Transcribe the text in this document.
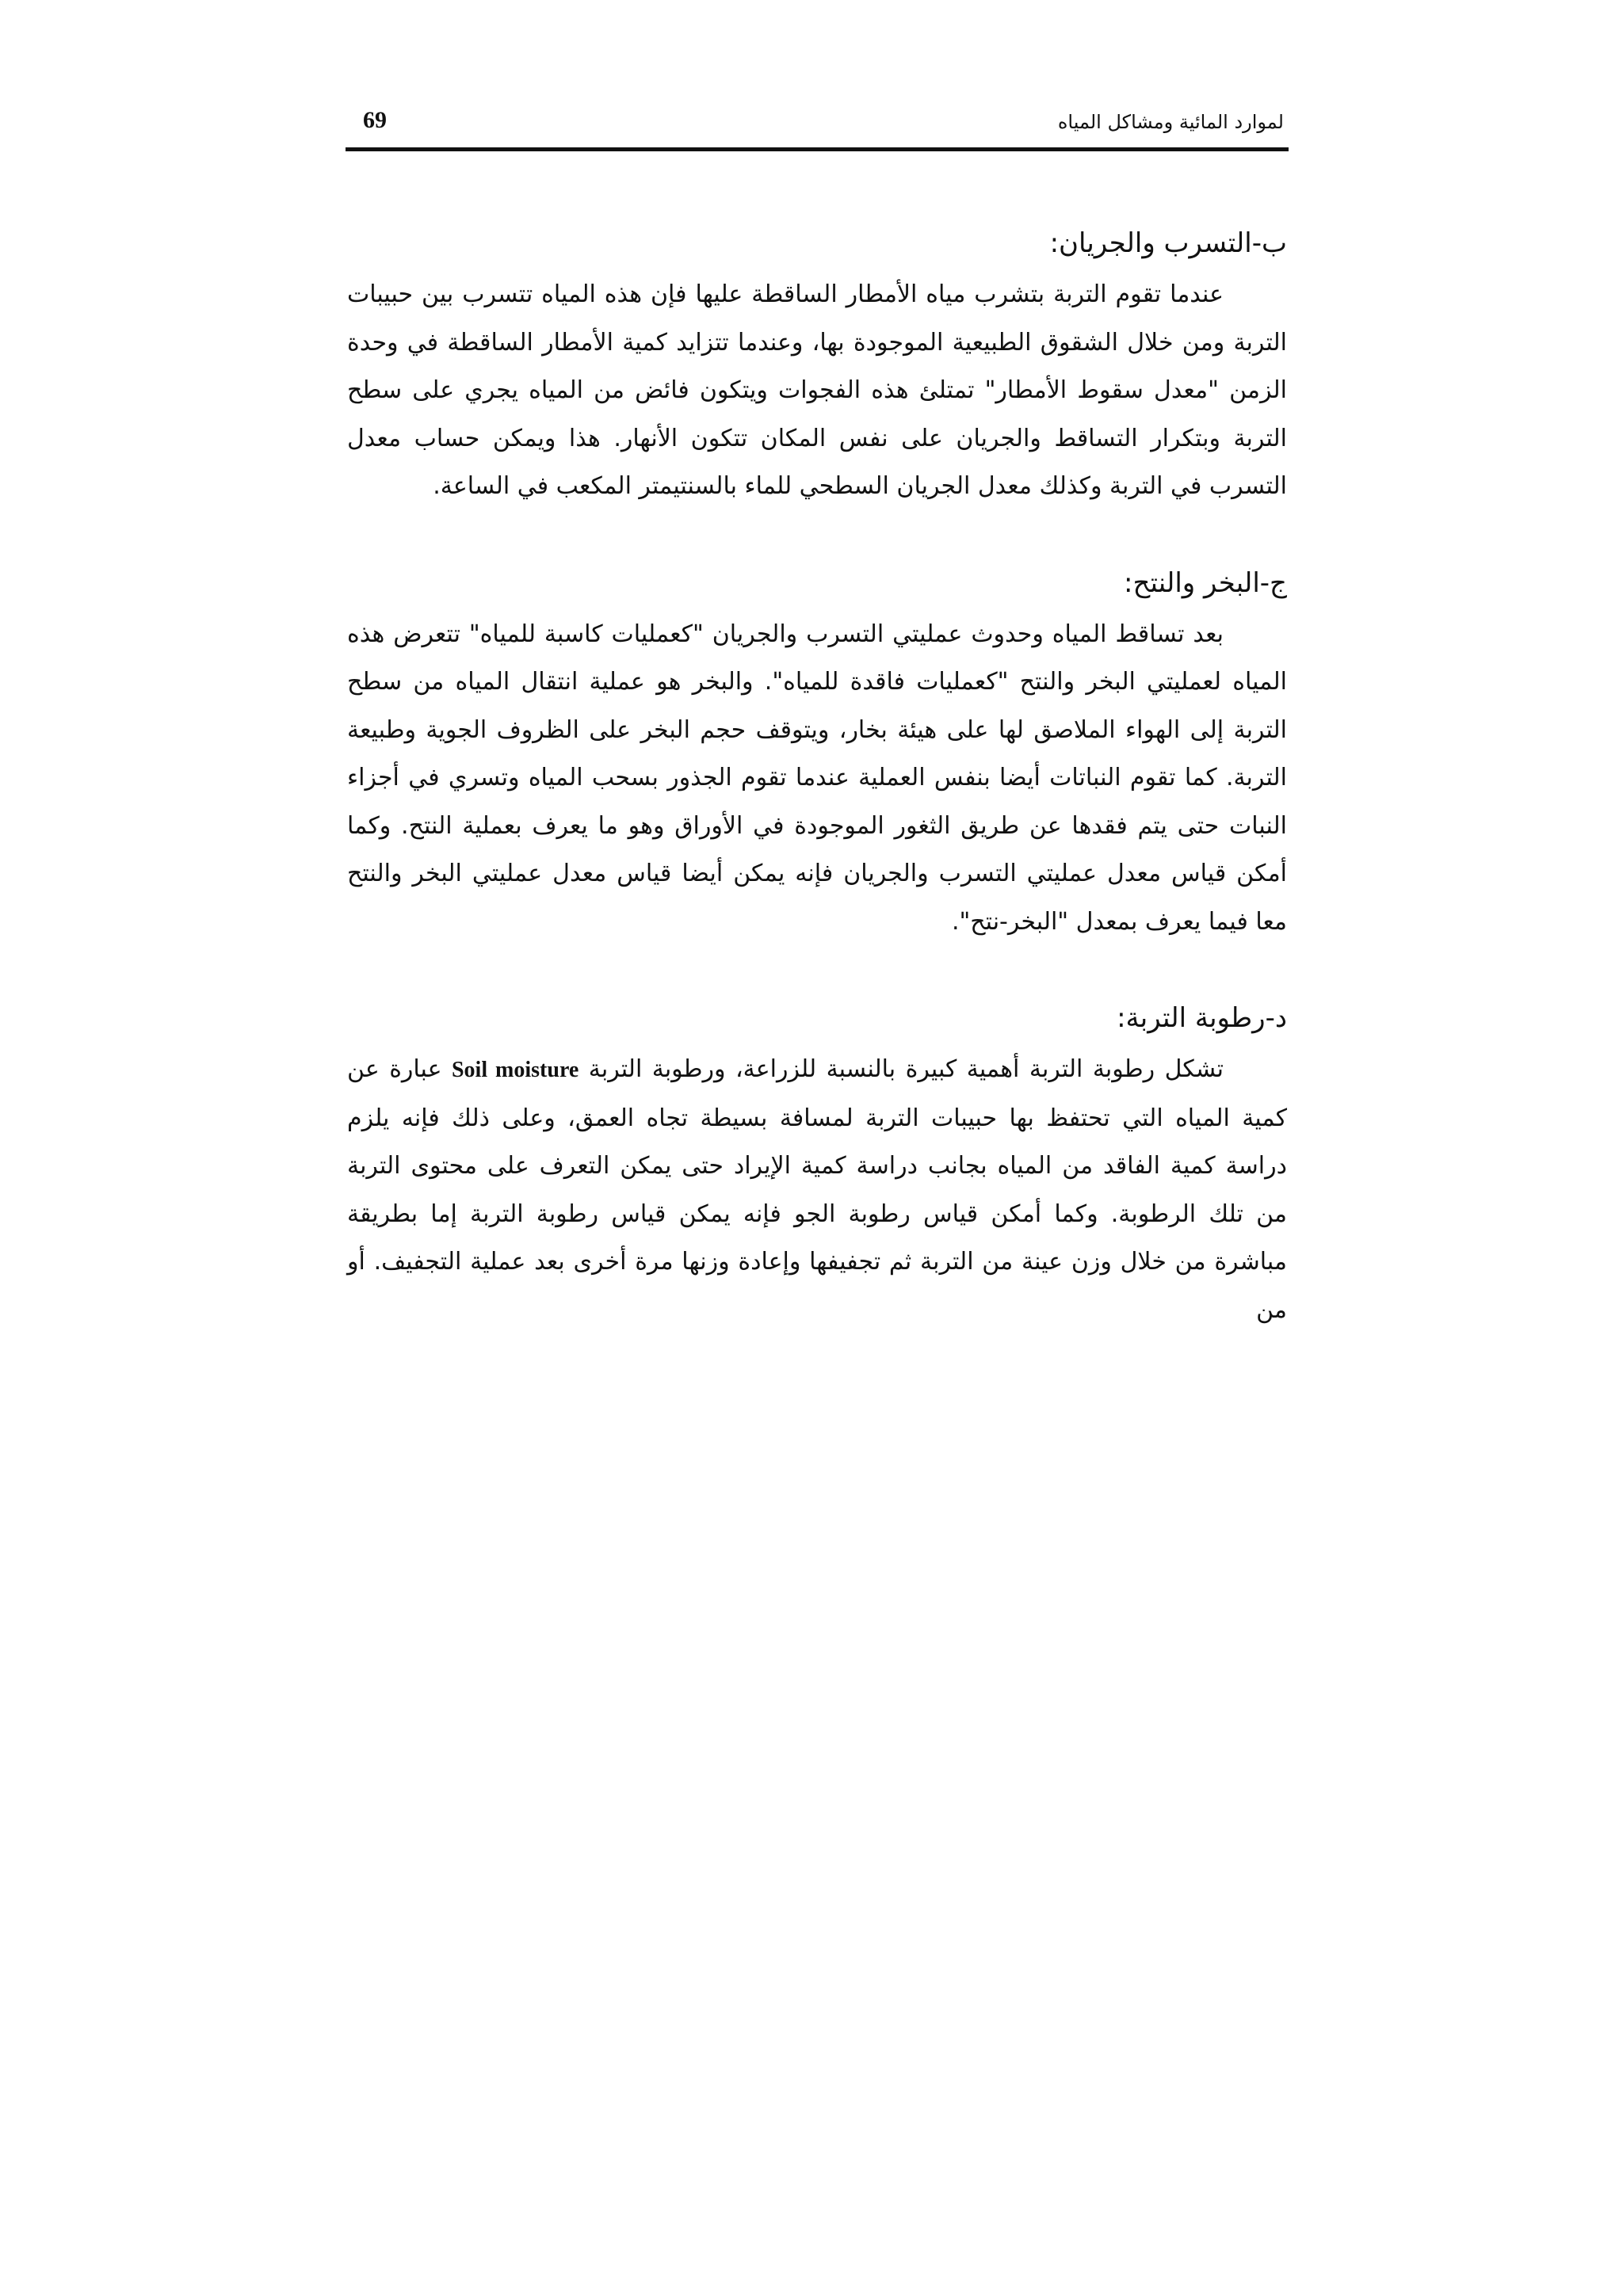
69	لموارد المائية ومشاكل المياه
ب-التسرب والجريان:

عندما تقوم التربة بتشرب مياه الأمطار الساقطة عليها فإن هذه المياه تتسرب بين حبيبات التربة ومن خلال الشقوق الطبيعية الموجودة بها، وعندما تتزايد كمية الأمطار الساقطة في وحدة الزمن "معدل سقوط الأمطار" تمتلئ هذه الفجوات ويتكون فائض من المياه يجري على سطح التربة وبتكرار التساقط والجريان على نفس المكان تتكون الأنهار. هذا ويمكن حساب معدل التسرب في التربة وكذلك معدل الجريان السطحي للماء بالسنتيمتر المكعب في الساعة.

ج-البخر والنتح:

بعد تساقط المياه وحدوث عمليتي التسرب والجريان "كعمليات كاسبة للمياه" تتعرض هذه المياه لعمليتي البخر والنتح "كعمليات فاقدة للمياه". والبخر هو عملية انتقال المياه من سطح التربة إلى الهواء الملاصق لها على هيئة بخار، ويتوقف حجم البخر على الظروف الجوية وطبيعة التربة. كما تقوم النباتات أيضا بنفس العملية عندما تقوم الجذور بسحب المياه وتسري في أجزاء النبات حتى يتم فقدها عن طريق الثغور الموجودة في الأوراق وهو ما يعرف بعملية النتح. وكما أمكن قياس معدل عمليتي التسرب والجريان فإنه يمكن أيضا قياس معدل عمليتي البخر والنتح معا فيما يعرف بمعدل "البخر-نتح".

د-رطوبة التربة:

تشكل رطوبة التربة أهمية كبيرة بالنسبة للزراعة، ورطوبة التربة Soil moisture عبارة عن كمية المياه التي تحتفظ بها حبيبات التربة لمسافة بسيطة تجاه العمق، وعلى ذلك فإنه يلزم دراسة كمية الفاقد من المياه بجانب دراسة كمية الإيراد حتى يمكن التعرف على محتوى التربة من تلك الرطوبة. وكما أمكن قياس رطوبة الجو فإنه يمكن قياس رطوبة التربة إما بطريقة مباشرة من خلال وزن عينة من التربة ثم تجفيفها وإعادة وزنها مرة أخرى بعد عملية التجفيف. أو من
